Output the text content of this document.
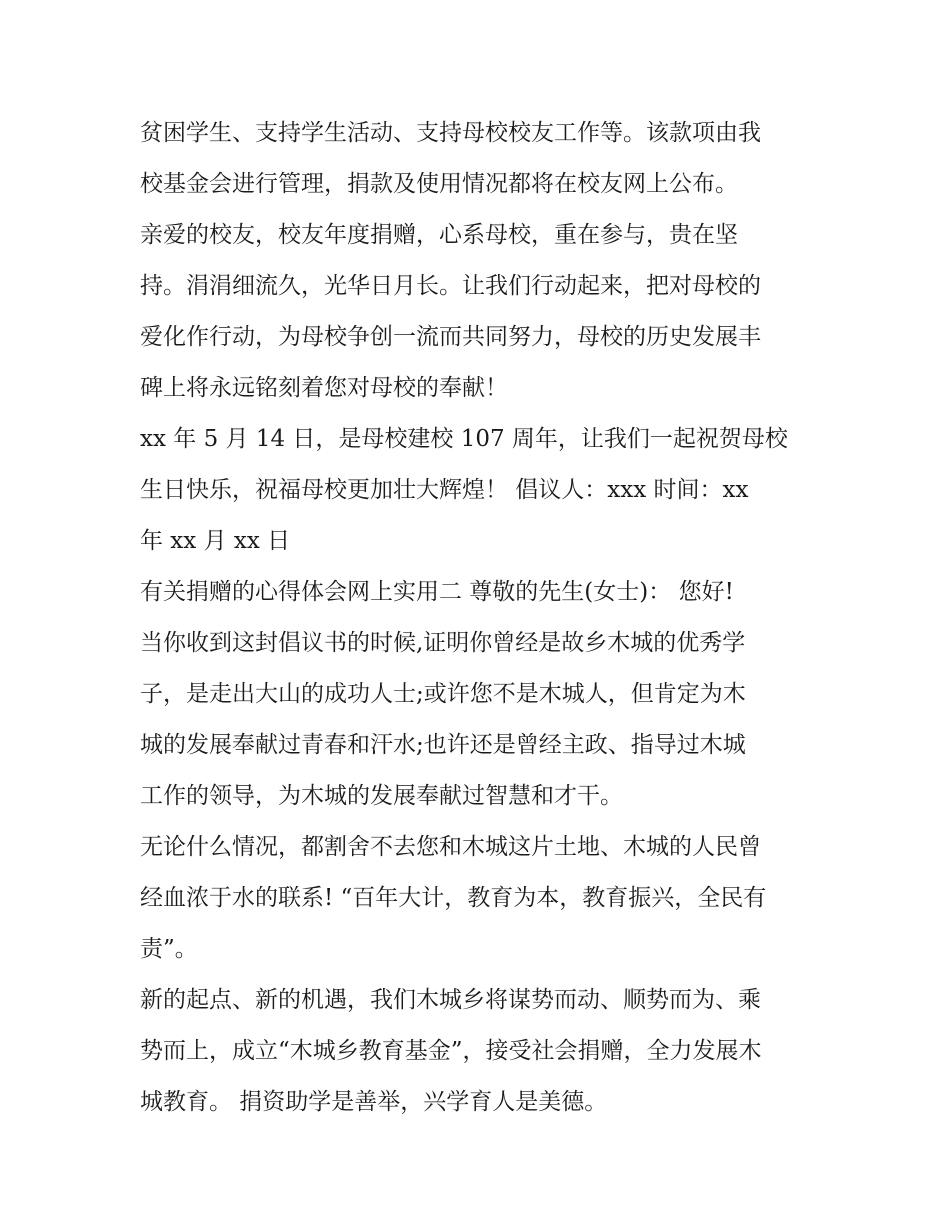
贫困学生、支持学生活动、支持母校校友工作等。该款项由我
校基金会进行管理，捐款及使用情况都将在校友网上公布。
亲爱的校友，校友年度捐赠，心系母校，重在参与，贵在坚
持。涓涓细流久，光华日月长。让我们行动起来，把对母校的
爱化作行动，为母校争创一流而共同努力，母校的历史发展丰
碑上将永远铭刻着您对母校的奉献！
xx 年 5 月 14 日，是母校建校 107 周年，让我们一起祝贺母校
生日快乐，祝福母校更加壮大辉煌！ 倡议人：xxx 时间：xx
年 xx 月 xx 日
有关捐赠的心得体会网上实用二 尊敬的先生(女士)： 您好!
当你收到这封倡议书的时候,证明你曾经是故乡木城的优秀学
子，是走出大山的成功人士;或许您不是木城人，但肯定为木
城的发展奉献过青春和汗水;也许还是曾经主政、指导过木城
工作的领导，为木城的发展奉献过智慧和才干。
无论什么情况，都割舍不去您和木城这片土地、木城的人民曾
经血浓于水的联系! “百年大计，教育为本，教育振兴，全民有
责”。
新的起点、新的机遇，我们木城乡将谋势而动、顺势而为、乘
势而上，成立“木城乡教育基金”，接受社会捐赠，全力发展木
城教育。 捐资助学是善举，兴学育人是美德。
